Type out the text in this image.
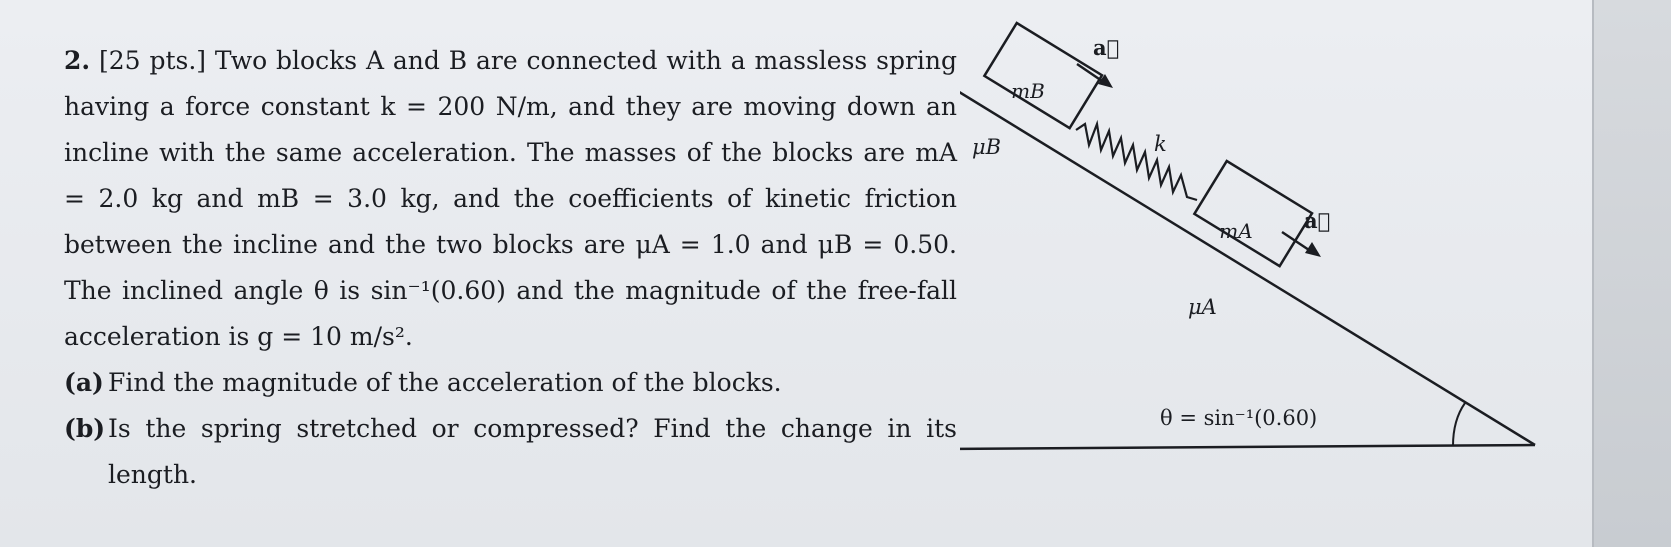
2. [25 pts.] Two blocks A and B are connected with a massless spring having a force constant k = 200 N/m, and they are moving down an incline with the same acceleration. The masses of the blocks are mA = 2.0 kg and mB = 3.0 kg, and the coefficients of kinetic friction between the incline and the two blocks are μA = 1.0 and μB = 0.50. The inclined angle θ is sin⁻¹(0.60) and the magnitude of the free-fall acceleration is g = 10 m/s².

(a) Find the magnitude of the acceleration of the blocks.
(b) Is the spring stretched or compressed? Find the change in its length.
mB
k
mA
μB
μA
a⃗
a⃗
θ = sin⁻¹(0.60)
